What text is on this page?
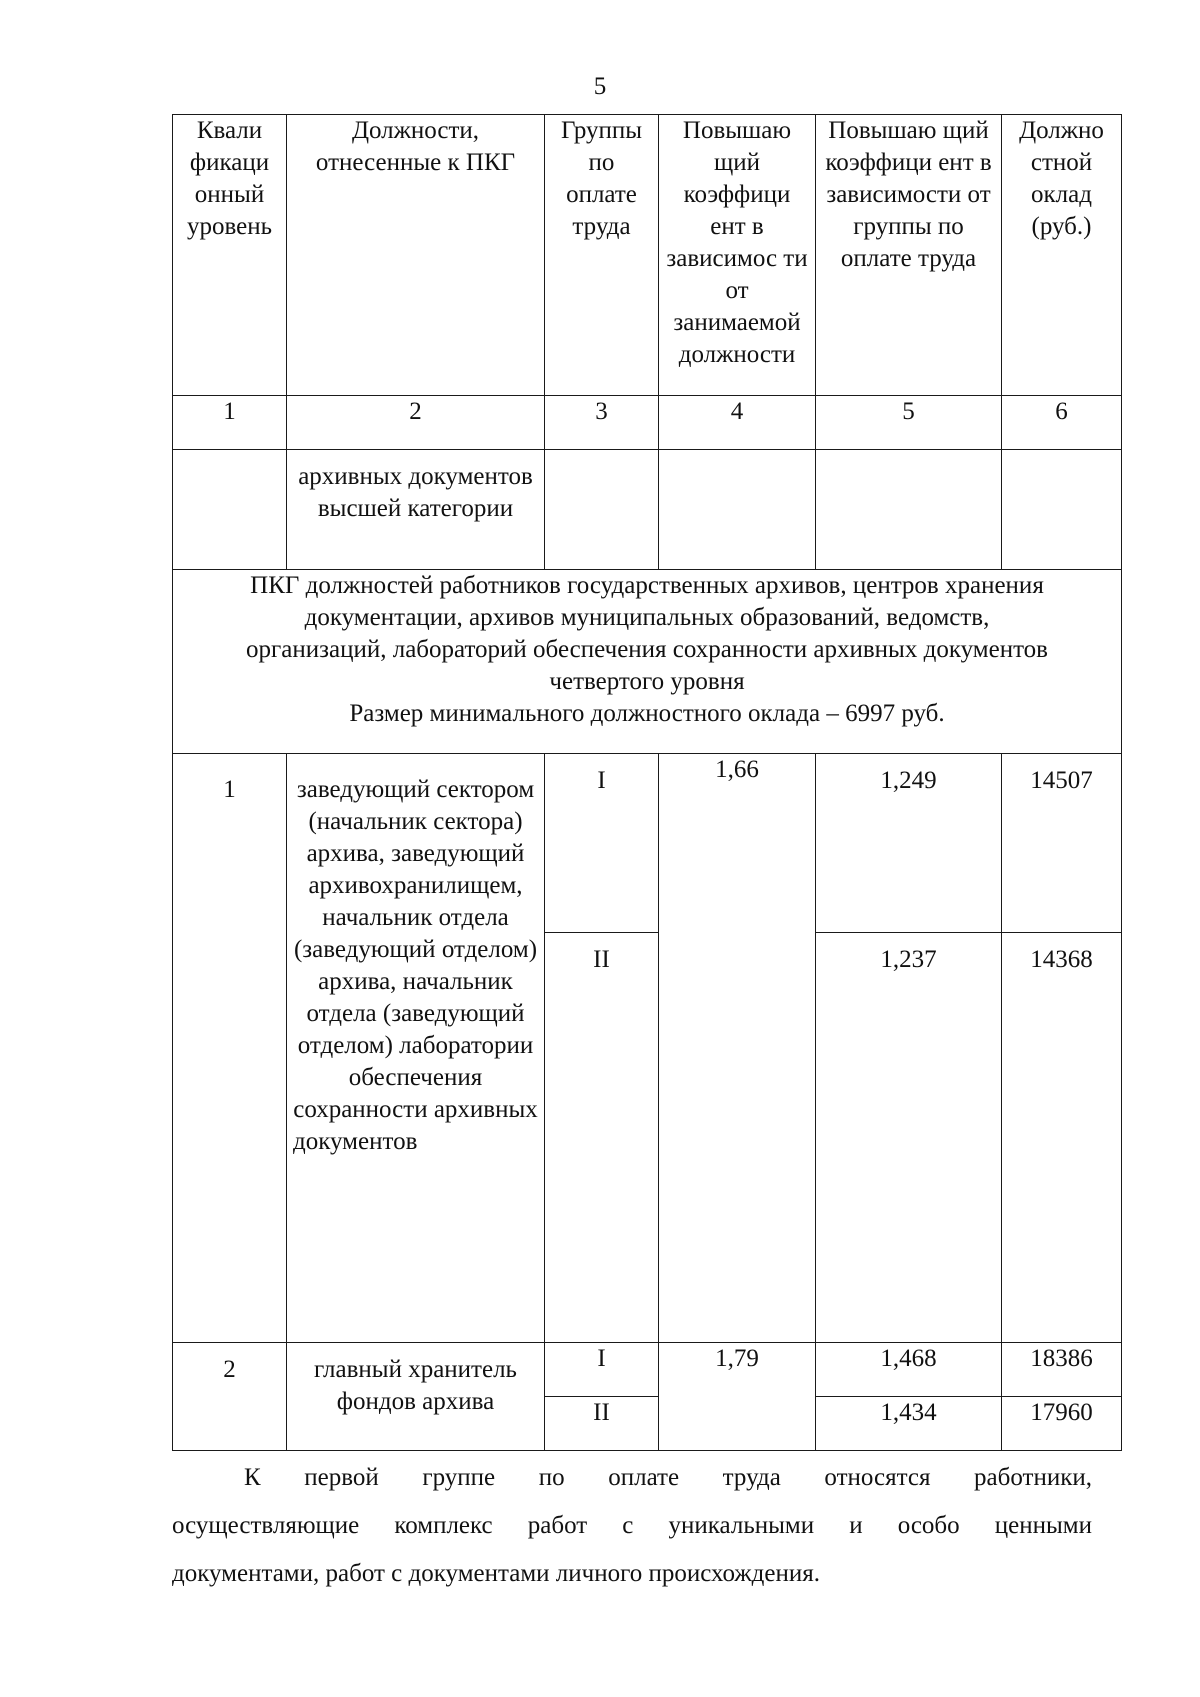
5
Квали фикаци онный уровень	Должности, отнесенные к ПКГ	Группы по оплате труда	Повышаю щий коэффици ент в зависимос ти от занимаемой должности	Повышаю щий коэффици ент в зависимости от группы по оплате труда	Должно стной оклад (руб.)
1	2	3	4	5	6
	архивных документов высшей категории				

ПКГ должностей работников государственных архивов, центров хранения
документации, архивов муниципальных образований, ведомств,
организаций, лабораторий обеспечения сохранности архивных документов
четвертого уровня
Размер минимального должностного оклада – 6997 руб.					

1	заведующий сектором (начальник сектора) архива, заведующий архивохранилищем, начальник отдела (заведующий отделом) архива, начальник отдела (заведующий отделом) лаборатории обеспечения сохранности архивных документов	I	1,66	1,249	14507
		II		1,237	14368
2	главный хранитель фондов архива	I	1,79	1,468	18386
		II		1,434	17960
К первой группе по оплате труда относятся работники,
осуществляющие комплекс работ с уникальными и особо ценными
документами, работ с документами личного происхождения.
